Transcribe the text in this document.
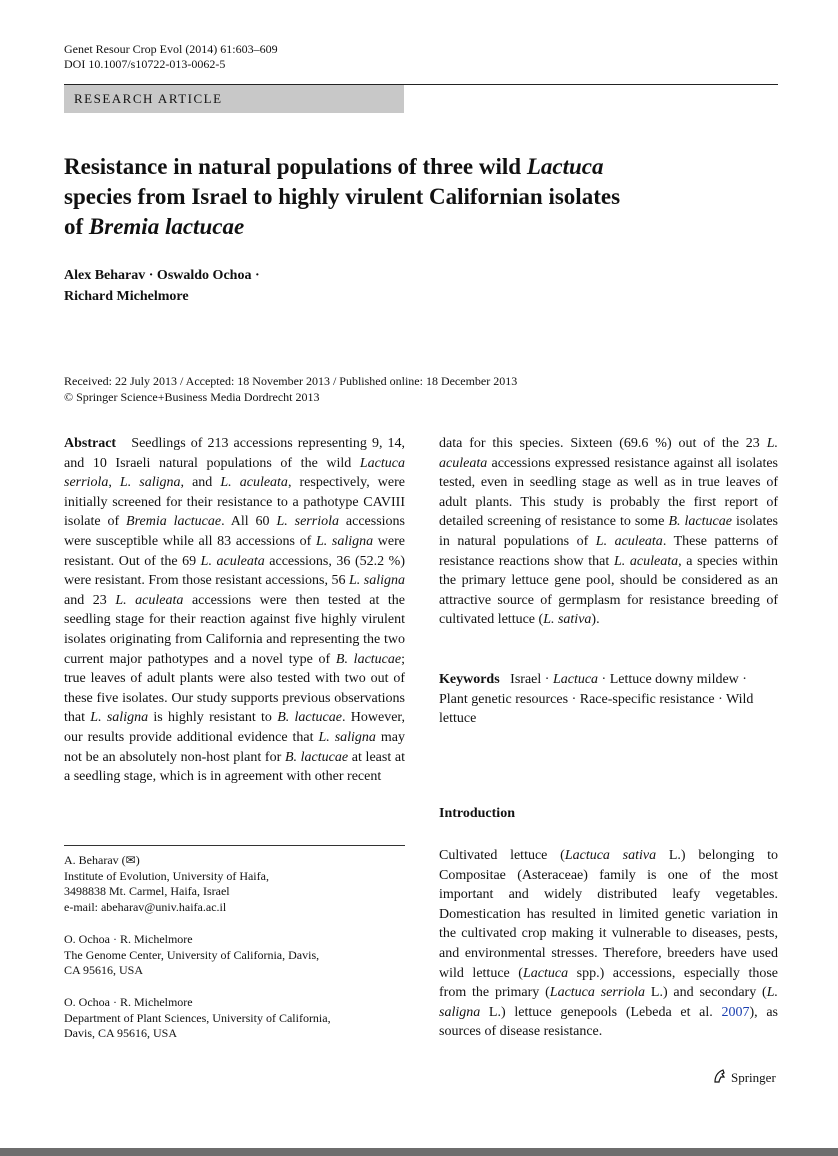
Genet Resour Crop Evol (2014) 61:603–609
DOI 10.1007/s10722-013-0062-5
RESEARCH ARTICLE
Resistance in natural populations of three wild Lactuca
species from Israel to highly virulent Californian isolates
of Bremia lactucae
Alex Beharav · Oswaldo Ochoa ·
Richard Michelmore
Received: 22 July 2013 / Accepted: 18 November 2013 / Published online: 18 December 2013
© Springer Science+Business Media Dordrecht 2013

Abstract Seedlings of 213 accessions representing 9, 14, and 10 Israeli natural populations of the wild Lactuca serriola, L. saligna, and L. aculeata, respectively, were initially screened for their resistance to a pathotype CAVIII isolate of Bremia lactucae. All 60 L. serriola accessions were susceptible while all 83 accessions of L. saligna were resistant. Out of the 69 L. aculeata accessions, 36 (52.2 %) were resistant. From those resistant accessions, 56 L. saligna and 23 L. aculeata accessions were then tested at the seedling stage for their reaction against five highly virulent isolates originating from California and representing the two current major pathotypes and a novel type of B. lactucae; true leaves of adult plants were also tested with two out of these five isolates. Our study supports previous observations that L. saligna is highly resistant to B. lactucae. However, our results provide additional evidence that L. saligna may not be an absolutely non-host plant for B. lactucae at least at a seedling stage, which is in agreement with other recent

data for this species. Sixteen (69.6 %) out of the 23 L. aculeata accessions expressed resistance against all isolates tested, even in seedling stage as well as in true leaves of adult plants. This study is probably the first report of detailed screening of resistance to some B. lactucae isolates in natural populations of L. aculeata. These patterns of resistance reactions show that L. aculeata, a species within the primary lettuce gene pool, should be considered as an attractive source of germplasm for resistance breeding of cultivated lettuce (L. sativa).

Keywords Israel · Lactuca · Lettuce downy mildew · Plant genetic resources · Race-specific resistance · Wild lettuce

Introduction
Cultivated lettuce (Lactuca sativa L.) belonging to Compositae (Asteraceae) family is one of the most important and widely distributed leafy vegetables. Domestication has resulted in limited genetic variation in the cultivated crop making it vulnerable to diseases, pests, and environmental stresses. Therefore, breeders have used wild lettuce (Lactuca spp.) accessions, especially those from the primary (Lactuca serriola L.) and secondary (L. saligna L.) lettuce genepools (Lebeda et al. 2007), as sources of disease resistance.
A. Beharav (✉)
Institute of Evolution, University of Haifa,
3498838 Mt. Carmel, Haifa, Israel
e-mail: abeharav@univ.haifa.ac.il
O. Ochoa · R. Michelmore
The Genome Center, University of California, Davis,
CA 95616, USA
O. Ochoa · R. Michelmore
Department of Plant Sciences, University of California,
Davis, CA 95616, USA
Springer
